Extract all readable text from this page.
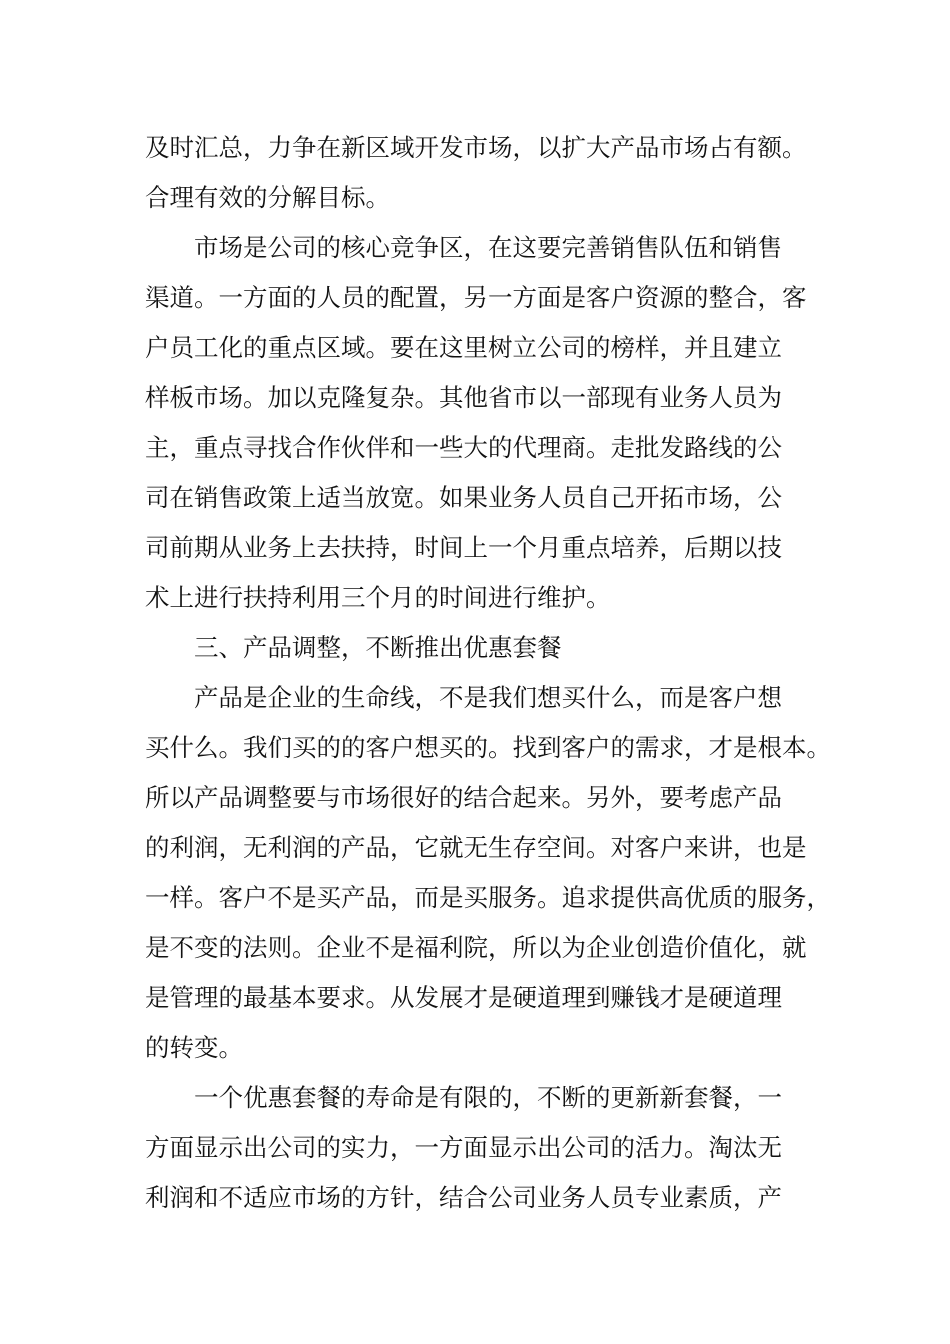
及时汇总，力争在新区域开发市场，以扩大产品市场占有额。
合理有效的分解目标。
市场是公司的核心竞争区，在这要完善销售队伍和销售
渠道。一方面的人员的配置，另一方面是客户资源的整合，客
户员工化的重点区域。要在这里树立公司的榜样，并且建立
样板市场。加以克隆复杂。其他省市以一部现有业务人员为
主，重点寻找合作伙伴和一些大的代理商。走批发路线的公
司在销售政策上适当放宽。如果业务人员自己开拓市场，公
司前期从业务上去扶持，时间上一个月重点培养，后期以技
术上进行扶持利用三个月的时间进行维护。
三、产品调整，不断推出优惠套餐
产品是企业的生命线，不是我们想买什么，而是客户想
买什么。我们买的的客户想买的。找到客户的需求，才是根本。
所以产品调整要与市场很好的结合起来。另外，要考虑产品
的利润，无利润的产品，它就无生存空间。对客户来讲，也是
一样。客户不是买产品，而是买服务。追求提供高优质的服务，
是不变的法则。企业不是福利院，所以为企业创造价值化，就
是管理的最基本要求。从发展才是硬道理到赚钱才是硬道理
的转变。
一个优惠套餐的寿命是有限的，不断的更新新套餐，一
方面显示出公司的实力，一方面显示出公司的活力。淘汰无
利润和不适应市场的方针，结合公司业务人员专业素质，产
